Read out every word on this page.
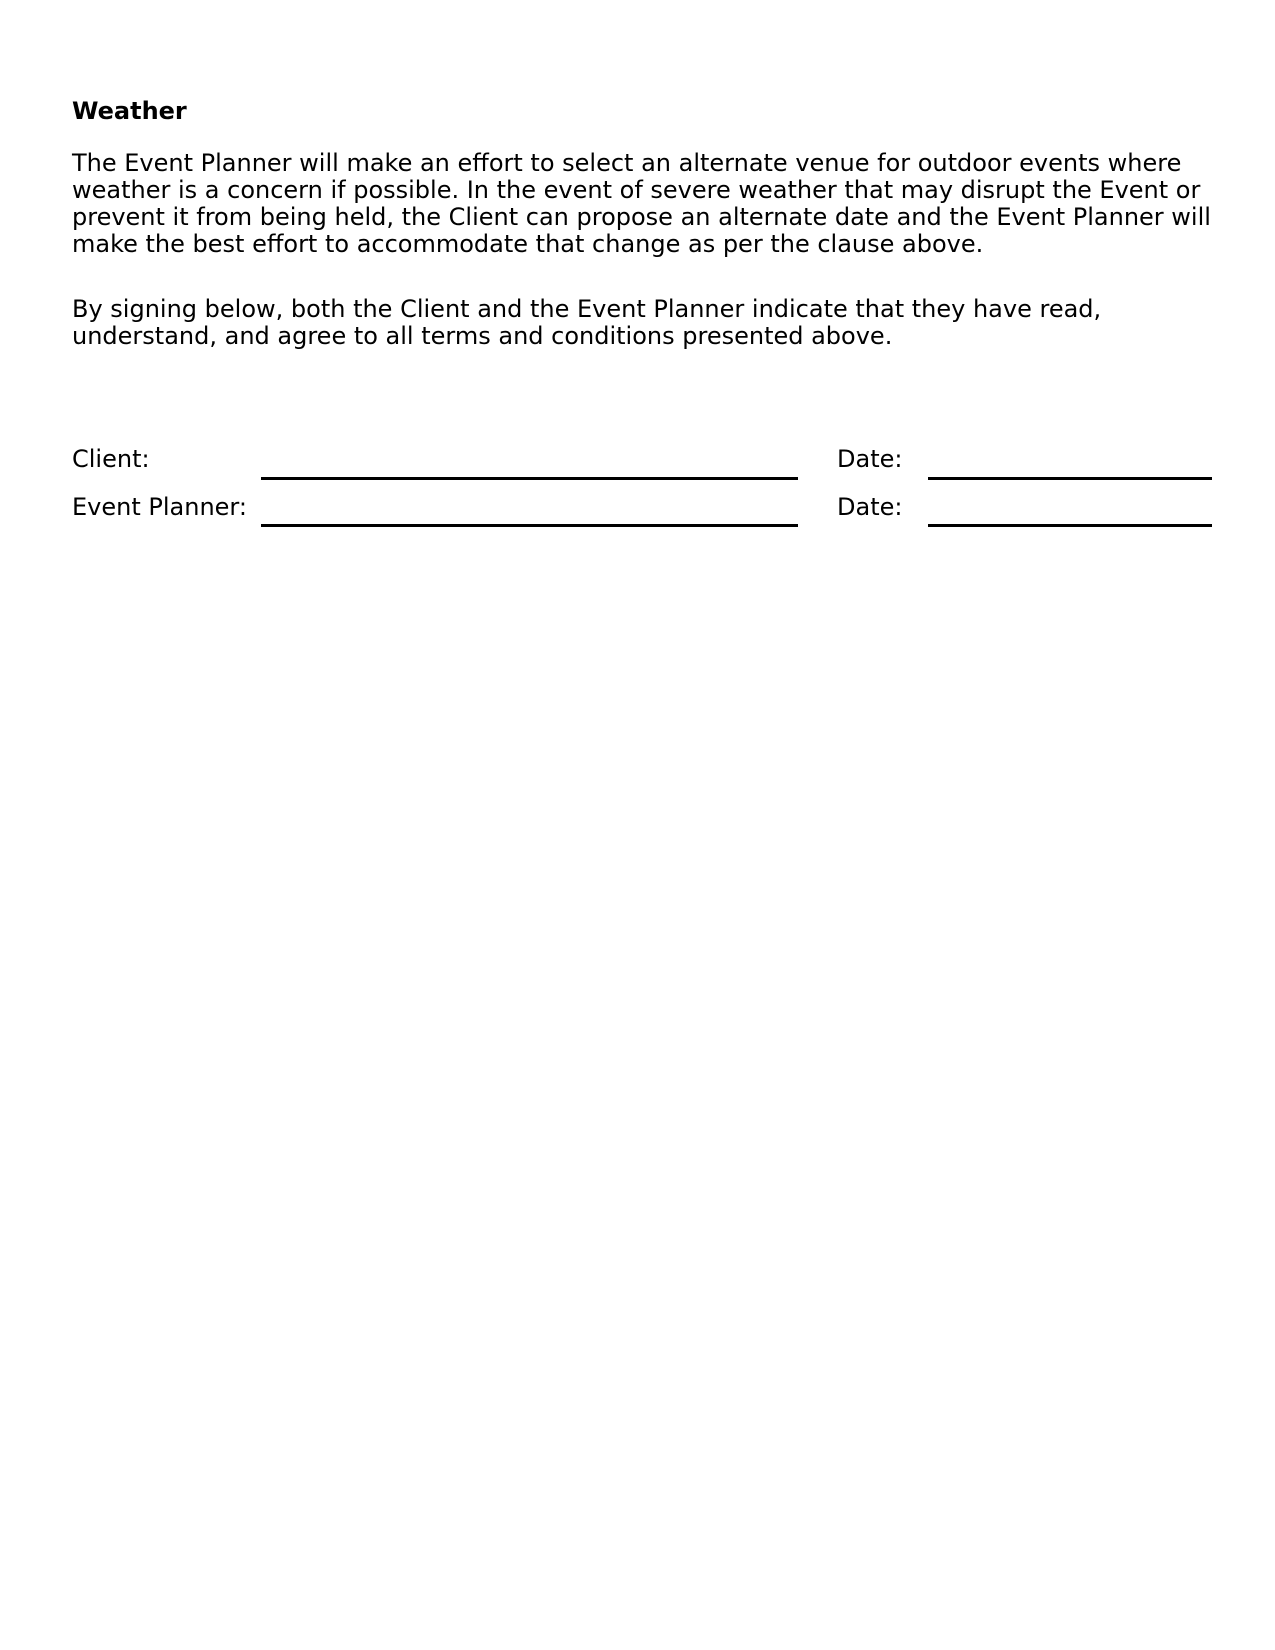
Weather
The Event Planner will make an effort to select an alternate venue for outdoor events where
weather is a concern if possible. In the event of severe weather that may disrupt the Event or
prevent it from being held, the Client can propose an alternate date and the Event Planner will
make the best effort to accommodate that change as per the clause above.
By signing below, both the Client and the Event Planner indicate that they have read,
understand, and agree to all terms and conditions presented above.
Client:	Date:
Event Planner:	Date:
